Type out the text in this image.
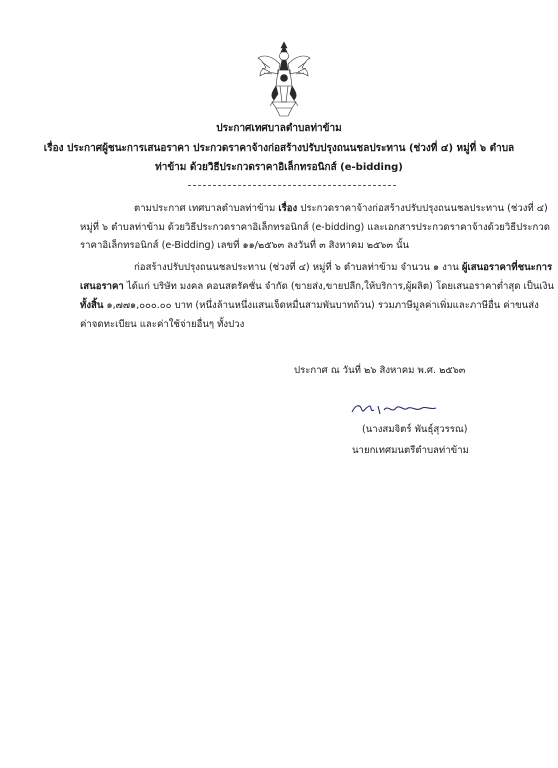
ประกาศเทศบาลตำบลท่าข้าม
เรื่อง ประกาศผู้ชนะการเสนอราคา ประกวดราคาจ้างก่อสร้างปรับปรุงถนนชลประทาน (ช่วงที่ ๔) หมู่ที่ ๖ ตำบล
ท่าข้าม ด้วยวิธีประกวดราคาอิเล็กทรอนิกส์ (e-bidding)
ตามประกาศ เทศบาลตำบลท่าข้าม เรื่อง ประกวดราคาจ้างก่อสร้างปรับปรุงถนนชลประทาน (ช่วงที่ ๔)
หมู่ที่ ๖ ตำบลท่าข้าม ด้วยวิธีประกวดราคาอิเล็กทรอนิกส์ (e-bidding) และเอกสารประกวดราคาจ้างด้วยวิธีประกวด
ราคาอิเล็กทรอนิกส์ (e-Bidding) เลขที่ ๑๑/๒๕๖๓ ลงวันที่ ๓ สิงหาคม ๒๕๖๓ นั้น
ก่อสร้างปรับปรุงถนนชลประทาน (ช่วงที่ ๔) หมู่ที่ ๖ ตำบลท่าข้าม จำนวน ๑ งาน ผู้เสนอราคาที่ชนะการ
เสนอราคา ได้แก่ บริษัท มงคล คอนสตรัคชั่น จำกัด (ขายส่ง,ขายปลีก,ให้บริการ,ผู้ผลิต) โดยเสนอราคาต่ำสุด เป็นเงิน
ทั้งสิ้น ๑,๗๗๑,๐๐๐.๐๐ บาท (หนึ่งล้านหนึ่งแสนเจ็ดหมื่นสามพันบาทถ้วน) รวมภาษีมูลค่าเพิ่มและภาษีอื่น ค่าขนส่ง
ค่าจดทะเบียน และค่าใช้จ่ายอื่นๆ ทั้งปวง
ประกาศ ณ วันที่ ๒๖ สิงหาคม พ.ศ. ๒๕๖๓
(นางสมจิตร์ พันธุ์สุวรรณ)
นายกเทศมนตรีตำบลท่าข้าม
